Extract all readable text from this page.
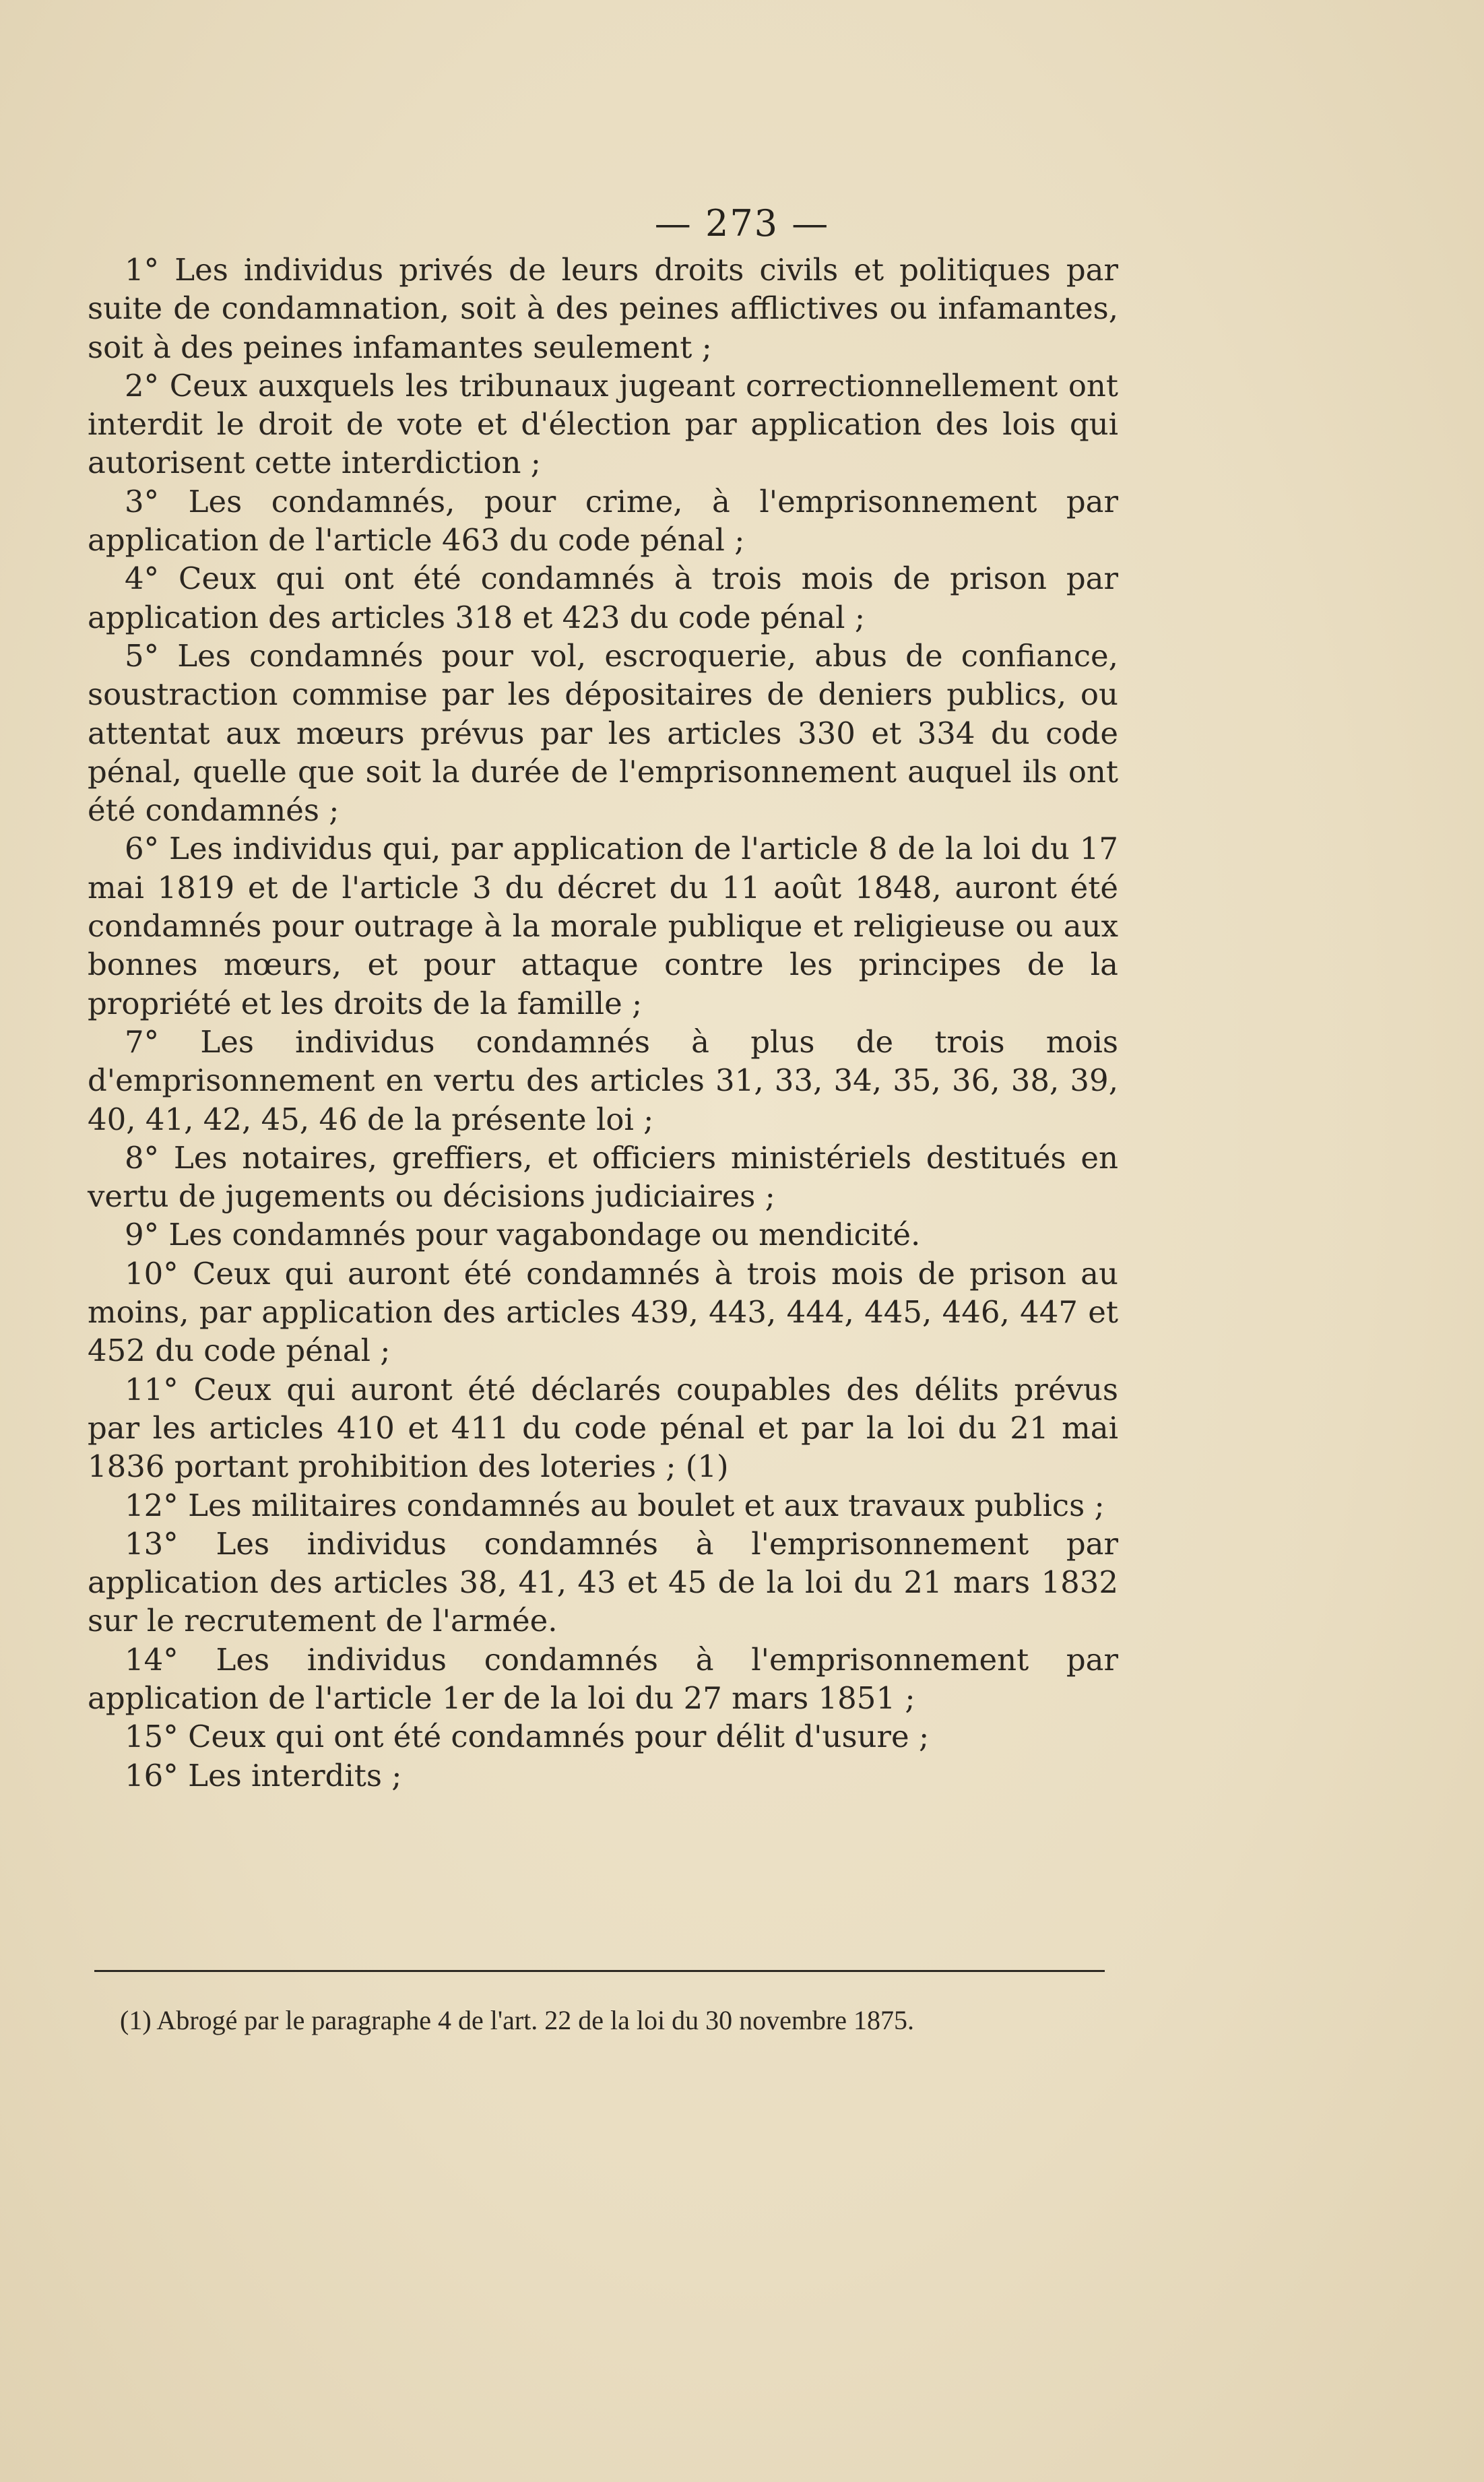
— 273 —

1° Les individus privés de leurs droits civils et politiques par suite de condamnation, soit à des peines afflictives ou infamantes, soit à des peines infamantes seulement ;

2° Ceux auxquels les tribunaux jugeant correctionnellement ont interdit le droit de vote et d'élection par application des lois qui autorisent cette interdiction ;

3° Les condamnés, pour crime, à l'emprisonnement par application de l'article 463 du code pénal ;

4° Ceux qui ont été condamnés à trois mois de prison par application des articles 318 et 423 du code pénal ;

5° Les condamnés pour vol, escroquerie, abus de confiance, soustraction commise par les dépositaires de deniers publics, ou attentat aux mœurs prévus par les articles 330 et 334 du code pénal, quelle que soit la durée de l'emprisonnement auquel ils ont été condamnés ;

6° Les individus qui, par application de l'article 8 de la loi du 17 mai 1819 et de l'article 3 du décret du 11 août 1848, auront été condamnés pour outrage à la morale publique et religieuse ou aux bonnes mœurs, et pour attaque contre les principes de la propriété et les droits de la famille ;

7° Les individus condamnés à plus de trois mois d'emprisonnement en vertu des articles 31, 33, 34, 35, 36, 38, 39, 40, 41, 42, 45, 46 de la présente loi ;

8° Les notaires, greffiers, et officiers ministériels destitués en vertu de jugements ou décisions judiciaires ;

9° Les condamnés pour vagabondage ou mendicité.

10° Ceux qui auront été condamnés à trois mois de prison au moins, par application des articles 439, 443, 444, 445, 446, 447 et 452 du code pénal ;

11° Ceux qui auront été déclarés coupables des délits prévus par les articles 410 et 411 du code pénal et par la loi du 21 mai 1836 portant prohibition des loteries ; (1)

12° Les militaires condamnés au boulet et aux travaux publics ;

13° Les individus condamnés à l'emprisonnement par application des articles 38, 41, 43 et 45 de la loi du 21 mars 1832 sur le recrutement de l'armée.

14° Les individus condamnés à l'emprisonnement par application de l'article 1er de la loi du 27 mars 1851 ;

15° Ceux qui ont été condamnés pour délit d'usure ;

16° Les interdits ;

(1) Abrogé par le paragraphe 4 de l'art. 22 de la loi du 30 novembre 1875.
